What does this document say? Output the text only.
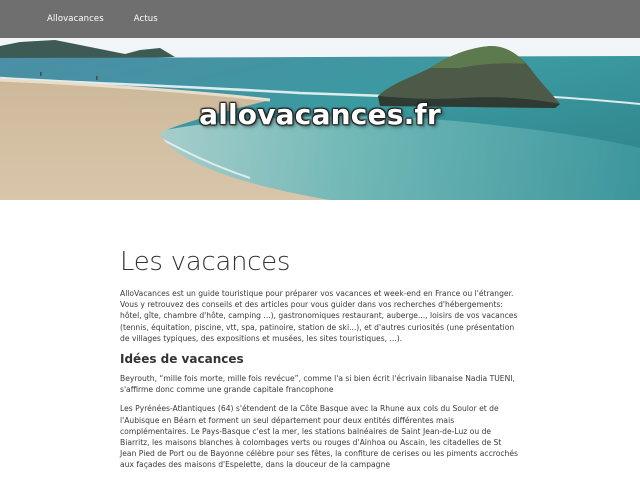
Allovacances	Actus
allovacances.fr
Les vacances

AlloVacances est un guide touristique pour préparer vos vacances et week-end en France ou l'étranger. Vous y retrouvez des conseils et des articles pour vous guider dans vos recherches d'hébergements: hôtel, gîte, chambre d'hôte, camping ...), gastronomiques restaurant, auberge..., loisirs de vos vacances (tennis, équitation, piscine, vtt, spa, patinoire, station de ski...), et d'autres curiosités (une présentation de villages typiques, des expositions et musées, les sites touristiques, ...).

Idées de vacances

Beyrouth, “mille fois morte, mille fois revécue”, comme l'a si bien écrit l'écrivain libanaise Nadia TUENI, s'affirme donc comme une grande capitale francophone

Les Pyrénées-Atlantiques (64) s'étendent de la Côte Basque avec la Rhune aux cols du Soulor et de l'Aubisque en Béarn et forment un seul département pour deux entités différentes mais complémentaires. Le Pays-Basque c'est la mer, les stations balnéaires de Saint Jean-de-Luz ou de Biarritz, les maisons blanches à colombages verts ou rouges d'Ainhoa ou Ascain, les citadelles de St Jean Pied de Port ou de Bayonne célèbre pour ses fêtes, la confiture de cerises ou les piments accrochés aux façades des maisons d'Espelette, dans la douceur de la campagne
